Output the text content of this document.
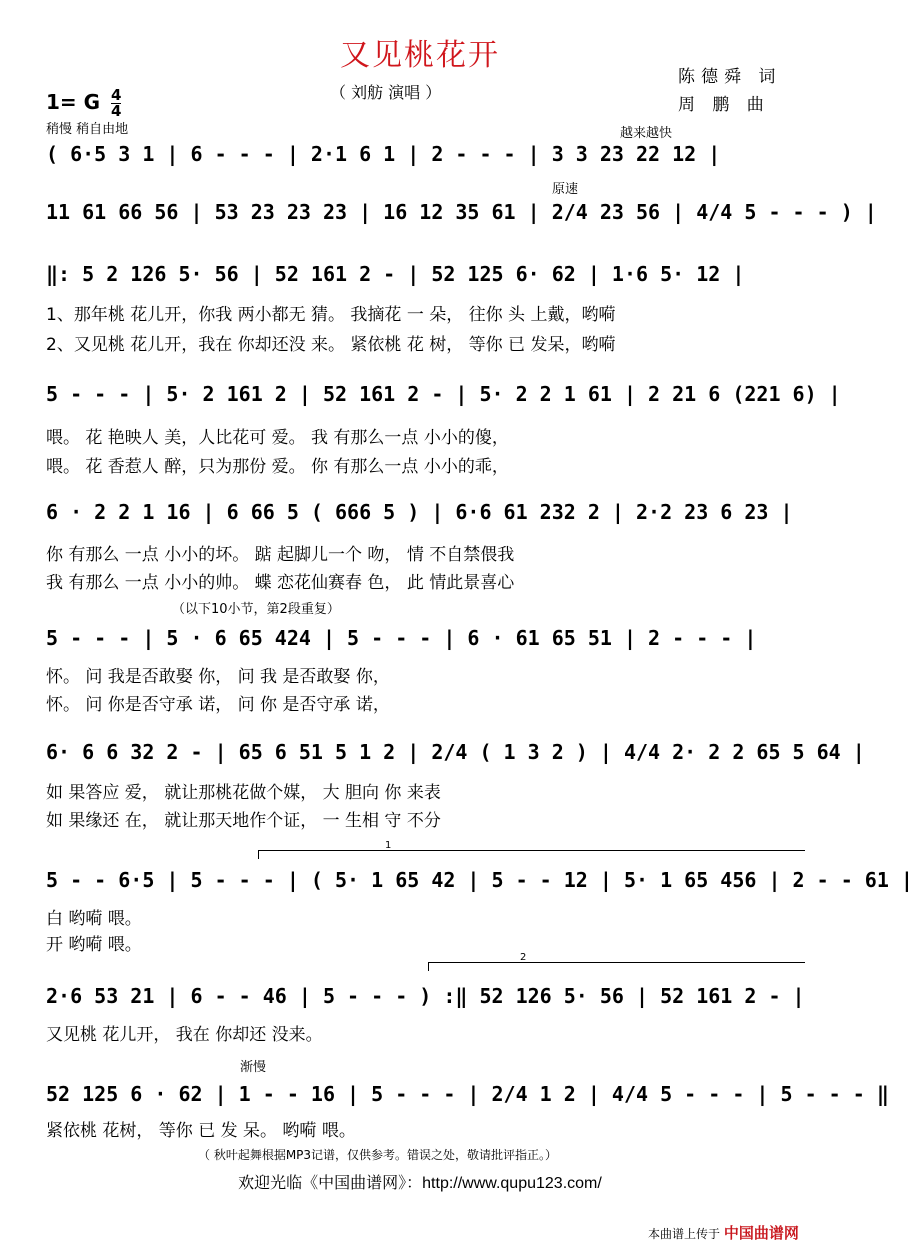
又见桃花开
（ 刘舫 演唱 ）
陈德舜 词
周 鹏 曲
1= G $\frac{4}{4}$
稍慢 稍自由地	越来越快
原速
( 6·5 3 1 | 6 - - - | 2·1 6 1 | 2 - - - | 3 3 23 22 12 |
11 61 66 56 | 53 23 23 23 | 16 12 35 61 | 2/4 23 56 | 4/4 5 - - - ) |
‖: 5 2 126 5· 56 | 52 161 2 - | 52 125 6· 62 | 1·6 5· 12 |
1、那年桃 花儿开，你我 两小都无 猜。 我摘花 一 朵， 往你 头 上戴，哟嗬
2、又见桃 花儿开，我在 你却还没 来。 紧依桃 花 树， 等你 已 发呆，哟嗬
5 - - - | 5· 2 161 2 | 52 161 2 - | 5· 2 2 1 61 | 2 21 6 (221 6) |
喂。 花 艳映人 美，人比花可 爱。 我 有那么一点 小小的傻，
喂。 花 香惹人 醉，只为那份 爱。 你 有那么一点 小小的乖，
6 · 2 2 1 16 | 6 66 5 ( 666 5 ) | 6·6 61 232 2 | 2·2 23 6 23 |
你 有那么 一点 小小的坏。 踮 起脚儿一个 吻， 情 不自禁偎我
我 有那么 一点 小小的帅。 蝶 恋花仙赛春 色， 此 情此景喜心
（以下10小节，第2段重复）
5 - - - | 5 · 6 65 424 | 5 - - - | 6 · 61 65 51 | 2 - - - |
怀。 问 我是否敢娶 你， 问 我 是否敢娶 你，
怀。 问 你是否守承 诺， 问 你 是否守承 诺，
6· 6 6 32 2 - | 65 6 51 5 1 2 | 2/4 ( 1 3 2 ) | 4/4 2· 2 2 65 5 64 |
如 果答应 爱， 就让那桃花做个媒， 大 胆向 你 来表
如 果缘还 在， 就让那天地作个证， 一 生相 守 不分
1
5 - - 6·5 | 5 - - - | ( 5· 1 65 42 | 5 - - 12 | 5· 1 65 456 | 2 - - 61 |
白 哟嗬 喂。
开 哟嗬 喂。
2
2·6 53 21 | 6 - - 46 | 5 - - - ) :‖ 52 126 5· 56 | 52 161 2 - |
又见桃 花儿开， 我在 你却还 没来。
渐慢
52 125 6 · 62 | 1 - - 16 | 5 - - - | 2/4 1 2 | 4/4 5 - - - | 5 - - - ‖
紧依桃 花树， 等你 已 发 呆。 哟嗬 喂。
（ 秋叶起舞根据MP3记谱，仅供参考。错误之处，敬请批评指正。）
欢迎光临《中国曲谱网》：http://www.qupu123.com/
本曲谱上传于 中国曲谱网
